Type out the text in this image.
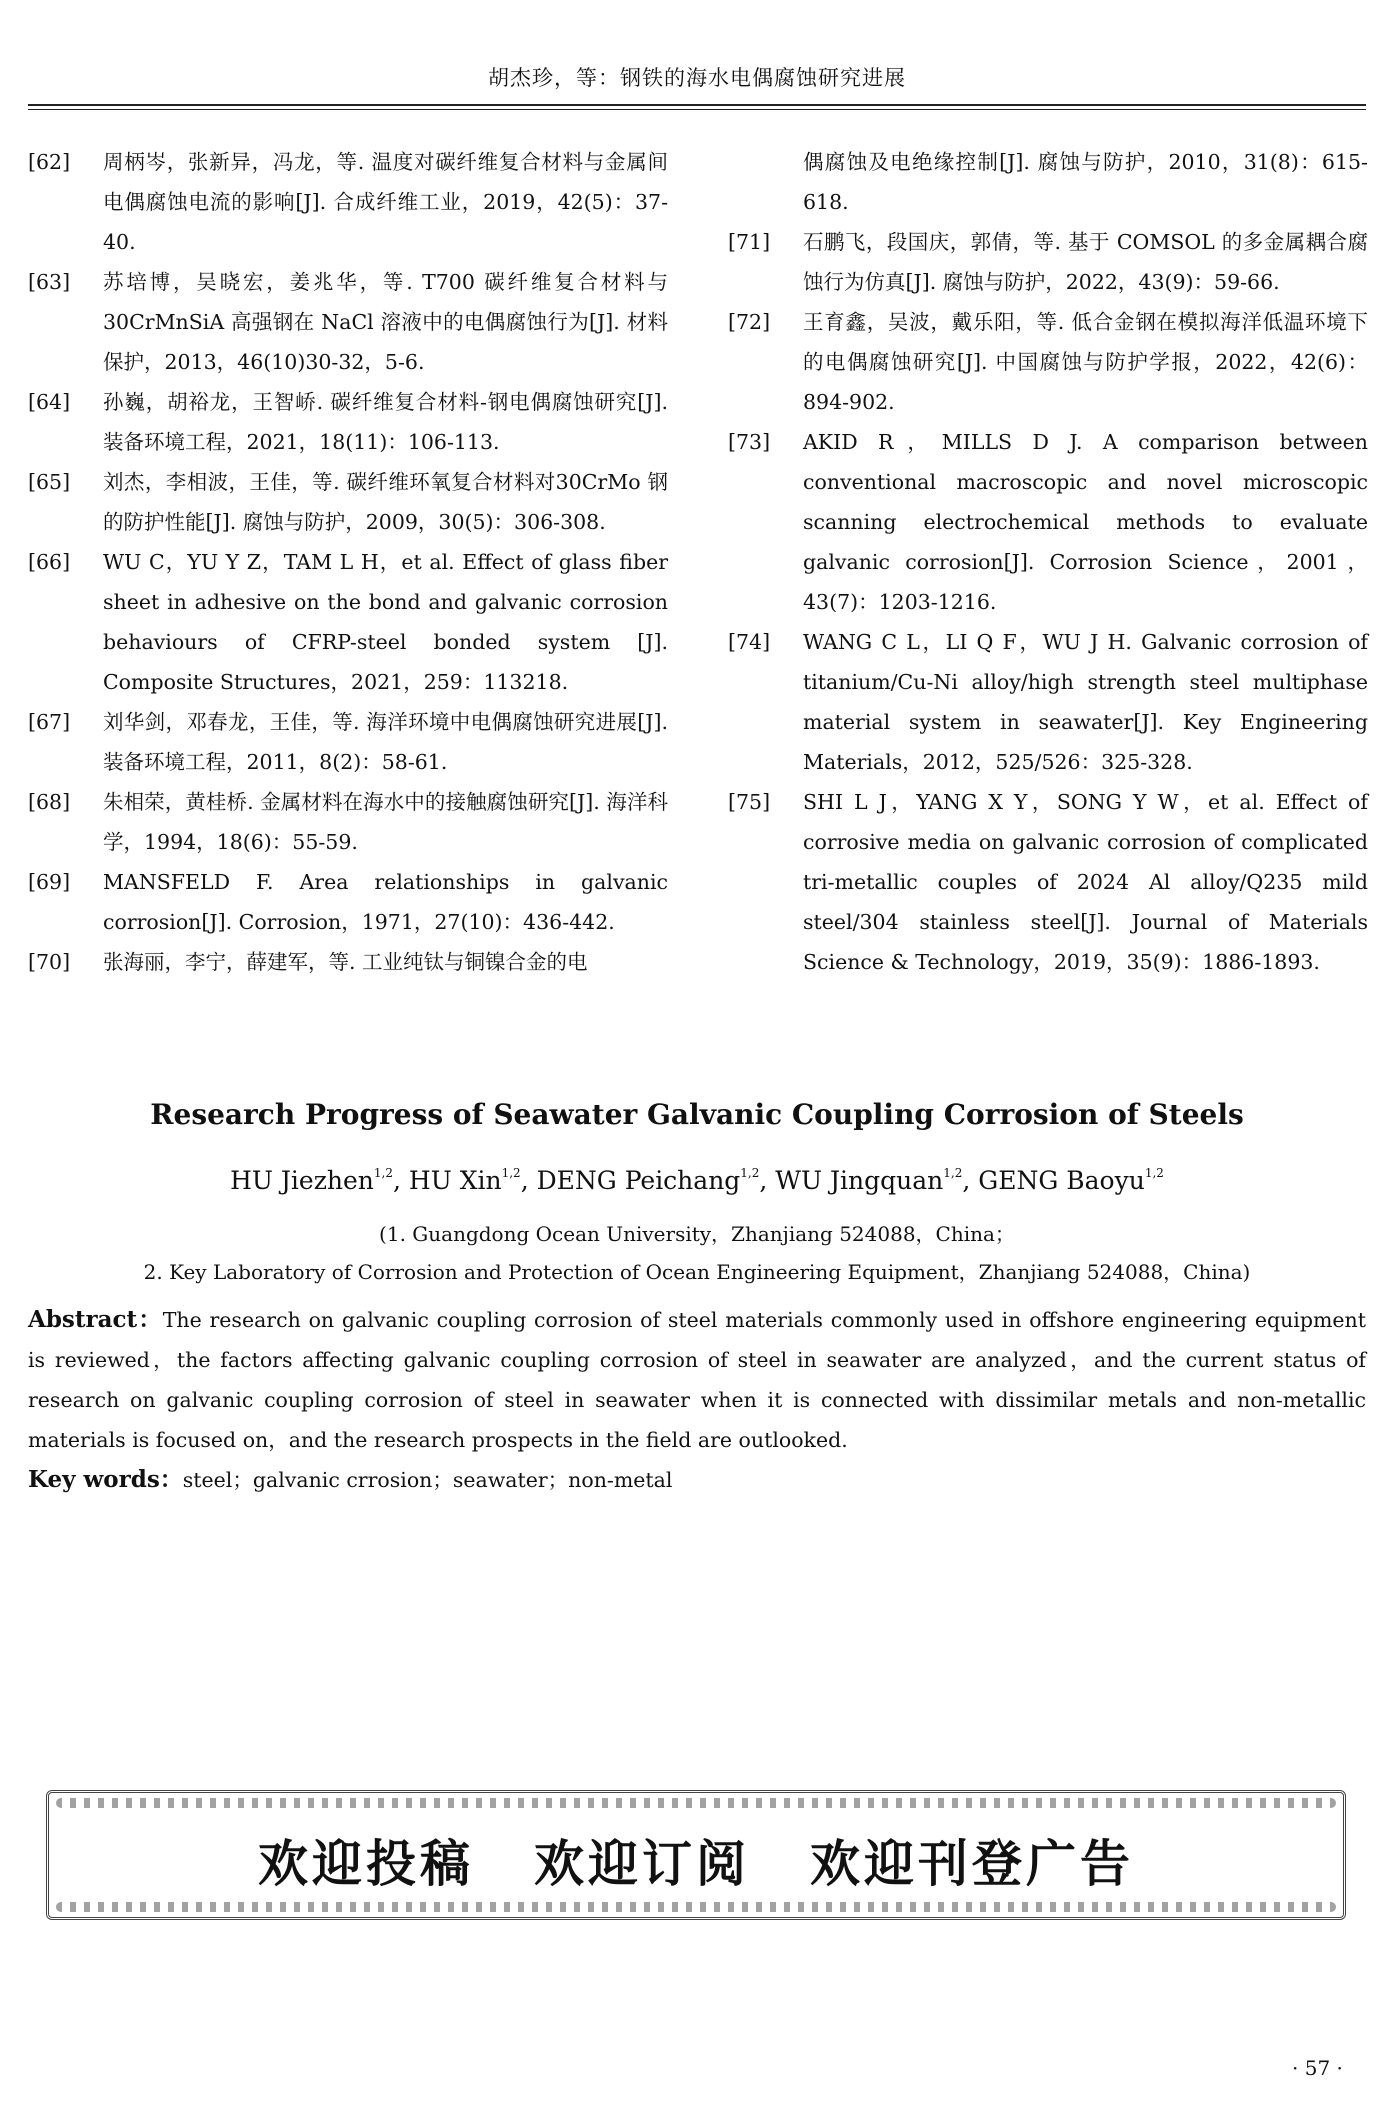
胡杰珍，等：钢铁的海水电偶腐蚀研究进展
[62]	周柄岑，张新异，冯龙，等. 温度对碳纤维复合材料与金属间电偶腐蚀电流的影响[J]. 合成纤维工业，2019，42(5)：37-40.
[63]	苏培博，吴晓宏，姜兆华，等. T700 碳纤维复合材料与30CrMnSiA 高强钢在 NaCl 溶液中的电偶腐蚀行为[J]. 材料保护，2013，46(10)30-32，5-6.
[64]	孙巍，胡裕龙，王智峤. 碳纤维复合材料-钢电偶腐蚀研究[J]. 装备环境工程，2021，18(11)：106-113.
[65]	刘杰，李相波，王佳，等. 碳纤维环氧复合材料对30CrMo 钢的防护性能[J]. 腐蚀与防护，2009，30(5)：306-308.
[66]	WU C，YU Y Z，TAM L H，et al. Effect of glass fiber sheet in adhesive on the bond and galvanic corrosion behaviours of CFRP-steel bonded system [J]. Composite Structures，2021，259：113218.
[67]	刘华剑，邓春龙，王佳，等. 海洋环境中电偶腐蚀研究进展[J]. 装备环境工程，2011，8(2)：58-61.
[68]	朱相荣，黄桂桥. 金属材料在海水中的接触腐蚀研究[J]. 海洋科学，1994，18(6)：55-59.
[69]	MANSFELD F. Area relationships in galvanic corrosion[J]. Corrosion，1971，27(10)：436-442.
[70]	张海丽，李宁，薛建军，等. 工业纯钛与铜镍合金的电
偶腐蚀及电绝缘控制[J]. 腐蚀与防护，2010，31(8)：615-618.
[71]	石鹏飞，段国庆，郭倩，等. 基于 COMSOL 的多金属耦合腐蚀行为仿真[J]. 腐蚀与防护，2022，43(9)：59-66.
[72]	王育鑫，吴波，戴乐阳，等. 低合金钢在模拟海洋低温环境下的电偶腐蚀研究[J]. 中国腐蚀与防护学报，2022，42(6)：894-902.
[73]	AKID R，MILLS D J. A comparison between conventional macroscopic and novel microscopic scanning electrochemical methods to evaluate galvanic corrosion[J]. Corrosion Science，2001，43(7)：1203-1216.
[74]	WANG C L，LI Q F，WU J H. Galvanic corrosion of titanium/Cu-Ni alloy/high strength steel multiphase material system in seawater[J]. Key Engineering Materials，2012，525/526：325-328.
[75]	SHI L J，YANG X Y，SONG Y W，et al. Effect of corrosive media on galvanic corrosion of complicated tri-metallic couples of 2024 Al alloy/Q235 mild steel/304 stainless steel[J]. Journal of Materials Science & Technology，2019，35(9)：1886-1893.
Research Progress of Seawater Galvanic Coupling Corrosion of Steels
HU Jiezhen$^{1,2}$, HU Xin$^{1,2}$, DENG Peichang$^{1,2}$, WU Jingquan$^{1,2}$, GENG Baoyu$^{1,2}$
(1. Guangdong Ocean University，Zhanjiang 524088，China；
2. Key Laboratory of Corrosion and Protection of Ocean Engineering Equipment，Zhanjiang 524088，China)
Abstract：The research on galvanic coupling corrosion of steel materials commonly used in offshore engineering equipment is reviewed，the factors affecting galvanic coupling corrosion of steel in seawater are analyzed，and the current status of research on galvanic coupling corrosion of steel in seawater when it is connected with dissimilar metals and non-metallic materials is focused on，and the research prospects in the field are outlooked.
Key words：steel；galvanic crrosion；seawater；non-metal
欢迎投稿 欢迎订阅 欢迎刊登广告
· 57 ·
